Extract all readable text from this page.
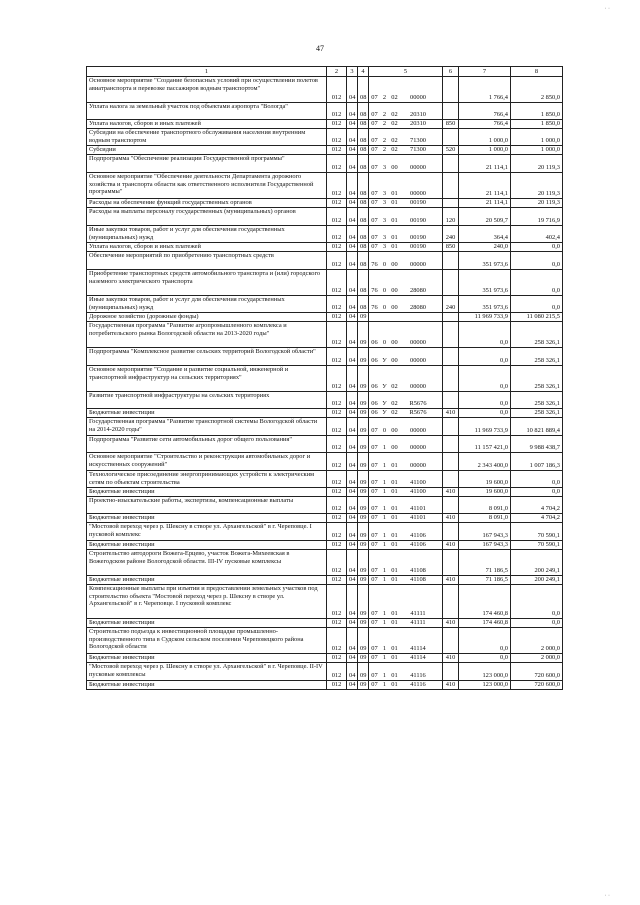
· ·
47
1	2	3	4	5	6	7	8
Основное мероприятие "Создание безопасных условий при осуществлении полетов авиатранспорта и перевозке пассажиров водным транспортом"	012	04	08	07 2 02 00000		1 766,4	2 850,0
Уплата налога за земельный участок под объектами аэропорта "Вологда"	012	04	08	07 2 02 20310		766,4	1 850,0
Уплата налогов, сборов и иных платежей	012	04	08	07 2 02 20310	850	766,4	1 850,0
Субсидии на обеспечение транспортного обслуживания населения внутренним водным транспортом	012	04	08	07 2 02 71300		1 000,0	1 000,0
Субсидии	012	04	08	07 2 02 71300	520	1 000,0	1 000,0
Подпрограмма "Обеспечение реализации Государственной программы"	012	04	08	07 3 00 00000		21 114,1	20 119,3
Основное мероприятие "Обеспечение деятельности Департамента дорожного хозяйства и транспорта области как ответственного исполнителя Государственной программы"	012	04	08	07 3 01 00000		21 114,1	20 119,3
Расходы на обеспечение функций государственных органов	012	04	08	07 3 01 00190		21 114,1	20 119,3
Расходы на выплаты персоналу государственных (муниципальных) органов	012	04	08	07 3 01 00190	120	20 509,7	19 716,9
Иные закупки товаров, работ и услуг для обеспечения государственных (муниципальных) нужд	012	04	08	07 3 01 00190	240	364,4	402,4
Уплата налогов, сборов и иных платежей	012	04	08	07 3 01 00190	850	240,0	0,0
Обеспечение мероприятий по приобретению транспортных средств	012	04	08	76 0 00 00000		351 973,6	0,0
Приобретение транспортных средств автомобильного транспорта и (или) городского наземного электрического транспорта	012	04	08	76 0 00 28080		351 973,6	0,0
Иные закупки товаров, работ и услуг для обеспечения государственных (муниципальных) нужд	012	04	08	76 0 00 28080	240	351 973,6	0,0
Дорожное хозяйство (дорожные фонды)	012	04	09			11 969 733,9	11 080 215,5
Государственная программа "Развитие агропромышленного комплекса и потребительского рынка Вологодской области на 2013-2020 годы"	012	04	09	06 0 00 00000		0,0	258 326,1
Подпрограмма "Комплексное развитие сельских территорий Вологодской области"	012	04	09	06 У 00 00000		0,0	258 326,1
Основное мероприятие "Создание и развитие социальной, инженерной и транспортной инфраструктур на сельских территориях"	012	04	09	06 У 02 00000		0,0	258 326,1
Развитие транспортной инфраструктуры на сельских территориях	012	04	09	06 У 02 R5676		0,0	258 326,1
Бюджетные инвестиции	012	04	09	06 У 02 R5676	410	0,0	258 326,1
Государственная программа "Развитие транспортной системы Вологодской области на 2014-2020 годы"	012	04	09	07 0 00 00000		11 969 733,9	10 821 889,4
Подпрограмма "Развитие сети автомобильных дорог общего пользования"	012	04	09	07 1 00 00000		11 157 421,0	9 988 438,7
Основное мероприятие "Строительство и реконструкция автомобильных дорог и искусственных сооружений"	012	04	09	07 1 01 00000		2 343 400,0	1 007 186,3
Технологическое присоединение энергопринимающих устройств к электрическим сетям по объектам строительства	012	04	09	07 1 01 41100		19 600,0	0,0
Бюджетные инвестиции	012	04	09	07 1 01 41100	410	19 600,0	0,0
Проектно-изыскательские работы, экспертизы, компенсационные выплаты	012	04	09	07 1 01 41101		8 091,0	4 704,2
Бюджетные инвестиции	012	04	09	07 1 01 41101	410	8 091,0	4 704,2
"Мостовой переход через р. Шексну в створе ул. Архангельской" в г. Череповце. I пусковой комплекс	012	04	09	07 1 01 41106		167 943,3	70 590,1
Бюджетные инвестиции	012	04	09	07 1 01 41106	410	167 943,3	70 590,1
Строительство автодороги Вожега-Ерцево, участок Вожега-Михеевская в Вожегодском районе Вологодской области. III-IV пусковые комплексы	012	04	09	07 1 01 41108		71 186,5	200 249,1
Бюджетные инвестиции	012	04	09	07 1 01 41108	410	71 186,5	200 249,1
Компенсационные выплаты при изъятии и предоставлении земельных участков под строительство объекта "Мостовой переход через р. Шексну в створе ул. Архангельской" в г. Череповце. I пусковой комплекс	012	04	09	07 1 01 41111		174 460,8	0,0
Бюджетные инвестиции	012	04	09	07 1 01 41111	410	174 460,8	0,0
Строительство подъезда к инвестиционной площадке промышленно-производственного типа в Судском сельском поселении Череповецкого района Вологодской области	012	04	09	07 1 01 41114		0,0	2 000,0
Бюджетные инвестиции	012	04	09	07 1 01 41114	410	0,0	2 000,0
"Мостовой переход через р. Шексну в створе ул. Архангельской" в г. Череповце. II-IV пусковые комплексы	012	04	09	07 1 01 41116		123 000,0	720 600,0
Бюджетные инвестиции	012	04	09	07 1 01 41116	410	123 000,0	720 600,0
· ·
